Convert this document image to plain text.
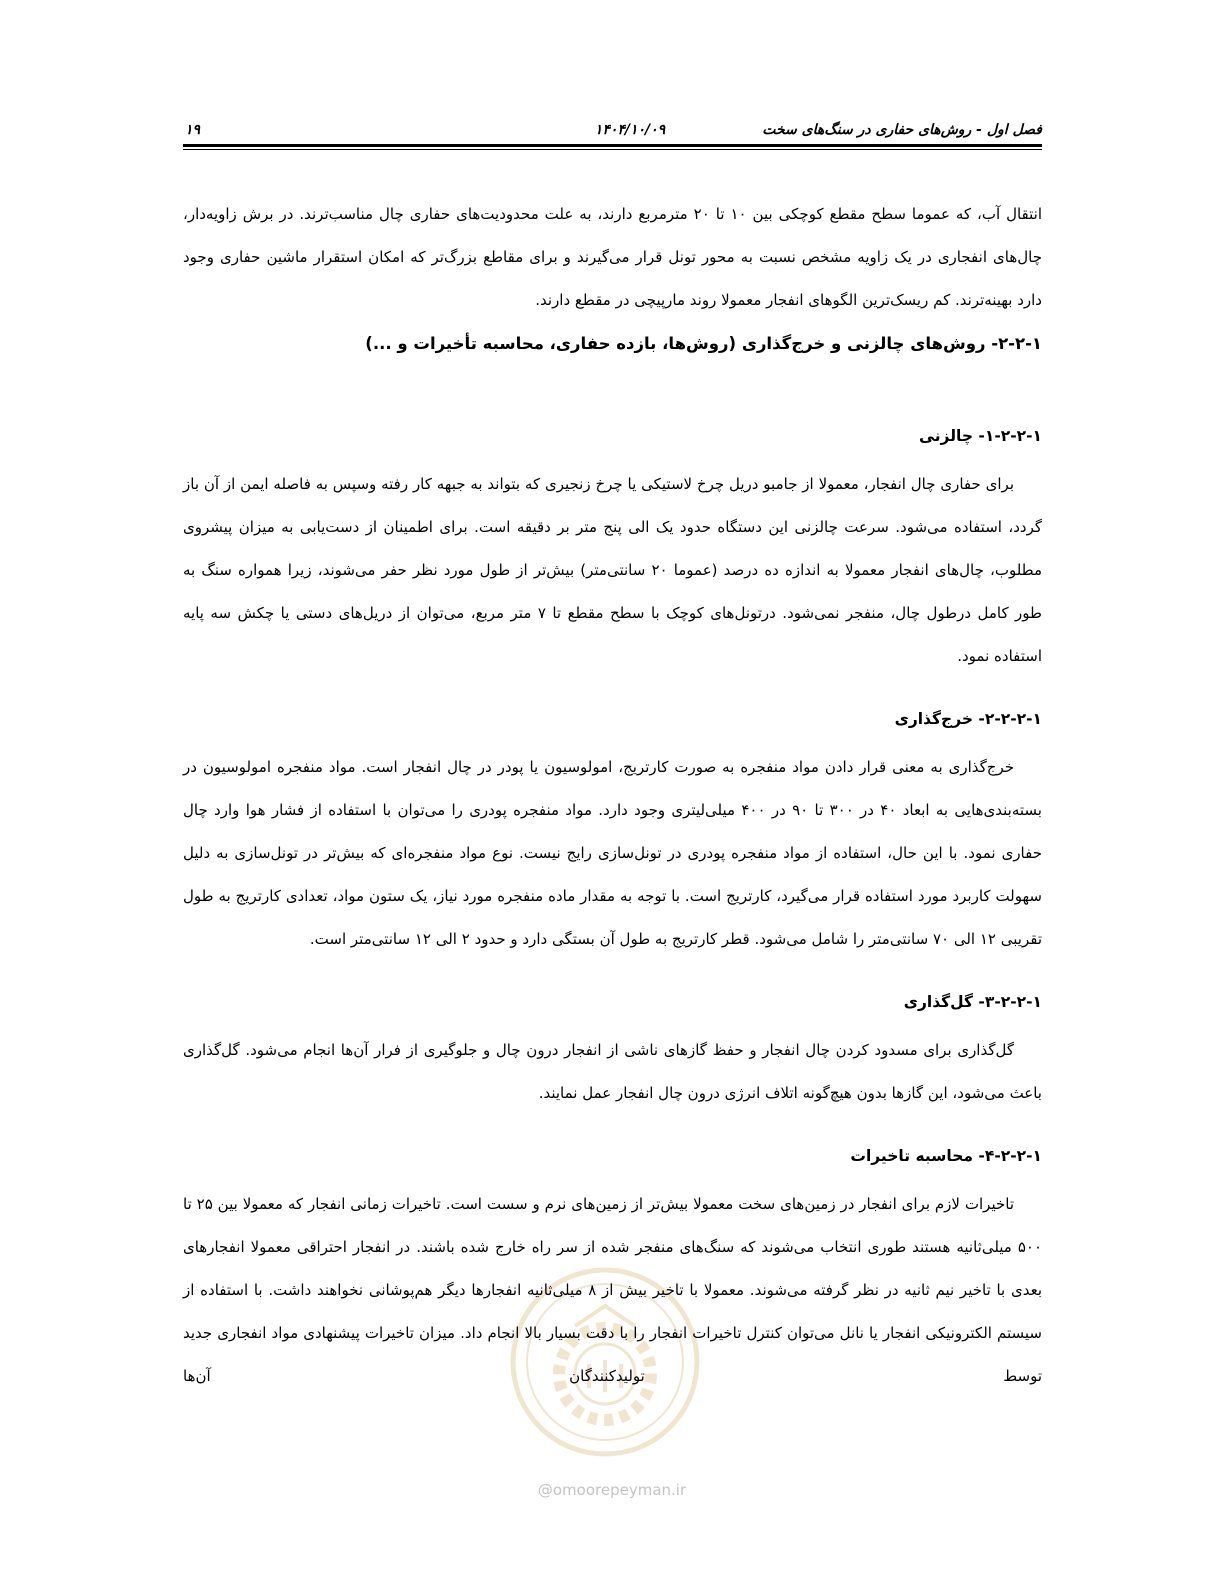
فصل اول - روش‌های حفاری در سنگ‌های سخت
۱۴۰۴/۱۰/۰۹
۱۹

انتقال آب، که عموما سطح مقطع کوچکی بین ۱۰ تا ۲۰ مترمربع دارند، به علت محدودیت‌های حفاری چال مناسب‌ترند. در برش زاویه‌دار، چال‌های انفجاری در یک زاویه مشخص نسبت به محور تونل قرار می‌گیرند و برای مقاطع بزرگ‌تر که امکان استقرار ماشین حفاری وجود دارد بهینه‌ترند. کم ریسک‌ترین الگوهای انفجار معمولا روند مارپیچی در مقطع دارند.

۱-۲-۲- روش‌های چالزنی و خرج‌گذاری (روش‌ها، بازده حفاری، محاسبه تأخیرات و ...)
۱-۲-۲-۱- چالزنی

برای حفاری چال انفجار، معمولا از جامبو دریل چرخ لاستیکی یا چرخ زنجیری که بتواند به جبهه کار رفته وسپس به فاصله ایمن از آن باز گردد، استفاده می‌شود. سرعت چالزنی این دستگاه حدود یک الی پنج متر بر دقیقه است. برای اطمینان از دست‌یابی به میزان پیشروی مطلوب، چال‌های انفجار معمولا به اندازه ده درصد (عموما ۲۰ سانتی‌متر) بیش‌تر از طول مورد نظر حفر می‌شوند، زیرا همواره سنگ به طور کامل درطول چال، منفجر نمی‌شود. درتونل‌های کوچک با سطح مقطع تا ۷ متر مربع، می‌توان از دریل‌های دستی یا چکش سه پایه استفاده نمود.

۱-۲-۲-۲- خرج‌گذاری

خرج‌گذاری به معنی قرار دادن مواد منفجره به صورت کارتریج، امولوسیون یا پودر در چال انفجار است. مواد منفجره امولوسیون در بسته‌بندی‌هایی به ابعاد ۴۰ در ۳۰۰ تا ۹۰ در ۴۰۰ میلی‌لیتری وجود دارد. مواد منفجره پودری را می‌توان با استفاده از فشار هوا وارد چال حفاری نمود. با این حال، استفاده از مواد منفجره پودری در تونل‌سازی رایج نیست. نوع مواد منفجره‌ای که بیش‌تر در تونل‌سازی به دلیل سهولت کاربرد مورد استفاده قرار می‌گیرد، کارتریج است. با توجه به مقدار ماده منفجره مورد نیاز، یک ستون مواد، تعدادی کارتریج به طول تقریبی ۱۲ الی ۷۰ سانتی‌متر را شامل می‌شود. قطر کارتریج به طول آن بستگی دارد و حدود ۲ الی ۱۲ سانتی‌متر است.

۱-۲-۲-۳- گل‌گذاری

گل‌گذاری برای مسدود کردن چال انفجار و حفظ گازهای ناشی از انفجار درون چال و جلوگیری از فرار آن‌ها انجام می‌شود. گل‌گذاری باعث می‌شود، این گازها بدون هیچ‌گونه اتلاف انرژی درون چال انفجار عمل نمایند.

۱-۲-۲-۴- محاسبه تاخیرات

تاخیرات لازم برای انفجار در زمین‌های سخت معمولا بیش‌تر از زمین‌های نرم و سست است. تاخیرات زمانی انفجار که معمولا بین ۲۵ تا ۵۰۰ میلی‌ثانیه هستند طوری انتخاب می‌شوند که سنگ‌های منفجر شده از سر راه خارج شده باشند. در انفجار احتراقی معمولا انفجارهای بعدی با تاخیر نیم ثانیه در نظر گرفته می‌شوند. معمولا با تاخیر بیش از ۸ میلی‌ثانیه انفجارها دیگر هم‌پوشانی نخواهند داشت. با استفاده از سیستم الکترونیکی انفجار یا نانل می‌توان کنترل تاخیرات انفجار را با دقت بسیار بالا انجام داد. میزان تاخیرات پیشنهادی مواد انفجاری جدید توسط تولیدکنندگان آن‌ها

@omoorepeyman.ir
